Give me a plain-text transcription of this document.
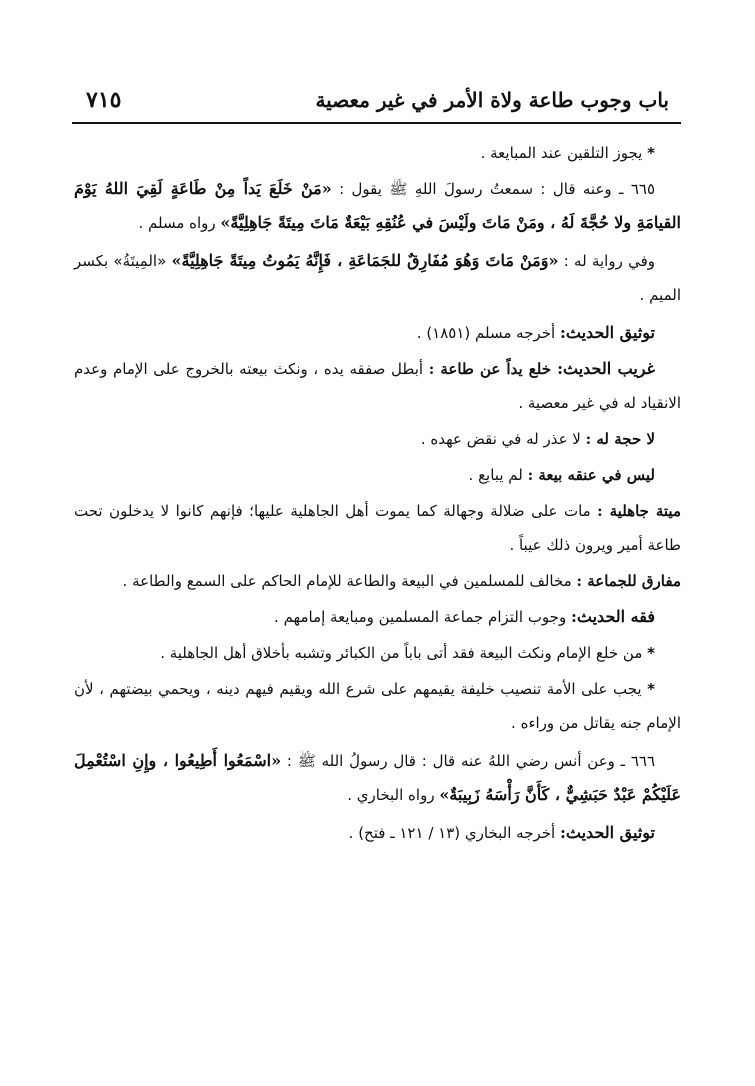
باب وجوب طاعة ولاة الأمر في غير معصية
٧١٥

* يجوز التلقين عند المبايعة .

٦٦٥ ـ وعنه قال : سمعتُ رسولَ اللهِ ﷺ يقول : «مَنْ خَلَعَ يَداً مِنْ طَاعَةٍ لَقِيَ اللهُ يَوْمَ القيامَةِ ولا حُجَّةَ لَهُ ، ومَنْ مَاتَ ولَيْسَ في عُنُقِهِ بَيْعَةٌ مَاتَ مِيتَةً جَاهِلِيَّةً» رواه مسلم .

وفي رواية له : «وَمَنْ مَاتَ وَهُوَ مُفَارِقٌ للجَمَاعَةِ ، فَإِنَّهُ يَمُوتُ مِيتَةً جَاهِلِيَّةً» «المِيتَةُ» بكسر الميم .

توثيق الحديث: أخرجه مسلم (١٨٥١) .

غريب الحديث: خلع يداً عن طاعة : أبطل صفقه يده ، ونكث بيعته بالخروج على الإمام وعدم الانقياد له في غير معصية .

لا حجة له : لا عذر له في نقض عهده .

ليس في عنقه بيعة : لم يبايع .

ميتة جاهلية : مات على ضلالة وجهالة كما يموت أهل الجاهلية عليها؛ فإنهم كانوا لا يدخلون تحت طاعة أمير ويرون ذلك عيباً .

مفارق للجماعة : مخالف للمسلمين في البيعة والطاعة للإمام الحاكم على السمع والطاعة .

فقه الحديث: وجوب التزام جماعة المسلمين ومبايعة إمامهم .

* من خلع الإمام ونكث البيعة فقد أتى باباً من الكبائر وتشبه بأخلاق أهل الجاهلية .

* يجب على الأمة تنصيب خليفة يقيمهم على شرع الله ويقيم فيهم دينه ، ويحمي بيضتهم ، لأن الإمام جنه يقاتل من وراءه .

٦٦٦ ـ وعن أنس رضي اللهُ عنه قال : قال رسولُ الله ﷺ : «اسْمَعُوا أَطِيعُوا ، وإِنِ اسْتُعْمِلَ عَلَيْكُمْ عَبْدٌ حَبَشِيٌّ ، كَأَنَّ رَأْسَهُ زَبِيبَةٌ» رواه البخاري .

توثيق الحديث: أخرجه البخاري (١٣ / ١٢١ ـ فتح) .
